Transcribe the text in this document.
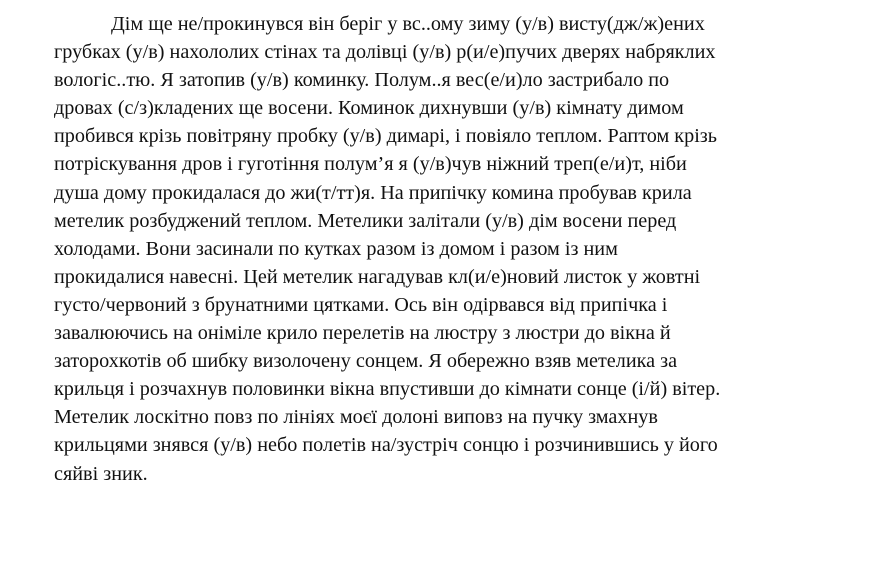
Дім ще не/прокинувся він беріг у вс..ому зиму (у/в) висту(дж/ж)ених
грубках (у/в) нахололих стінах та долівці (у/в) р(и/е)пучих дверях набряклих
вологіс..тю. Я затопив (у/в) коминку. Полум..я вес(е/и)ло застрибало по
дровах (с/з)кладених ще восени. Коминок дихнувши (у/в) кімнату димом
пробився крізь повітряну пробку (у/в) димарі, і повіяло теплом. Раптом крізь
потріскування дров і гуготіння полум’я я (у/в)чув ніжний треп(е/и)т, ніби
душа дому прокидалася до жи(т/тт)я. На припічку комина пробував крила
метелик розбуджений теплом. Метелики залітали (у/в) дім восени перед
холодами. Вони засинали по кутках разом із домом і разом із ним
прокидалися навесні. Цей метелик нагадував кл(и/е)новий листок у жовтні
густо/червоний з брунатними цятками. Ось він одірвався від припічка і
завалюючись на оніміле крило перелетів на люстру з люстри до вікна й
заторохкотів об шибку визолочену сонцем. Я обережно взяв метелика за
крильця і розчахнув половинки вікна впустивши до кімнати сонце (і/й) вітер.
Метелик лоскітно повз по лініях моєї долоні виповз на пучку змахнув
крильцями знявся (у/в) небо полетів на/зустріч сонцю і розчинившись у його
сяйві зник.
